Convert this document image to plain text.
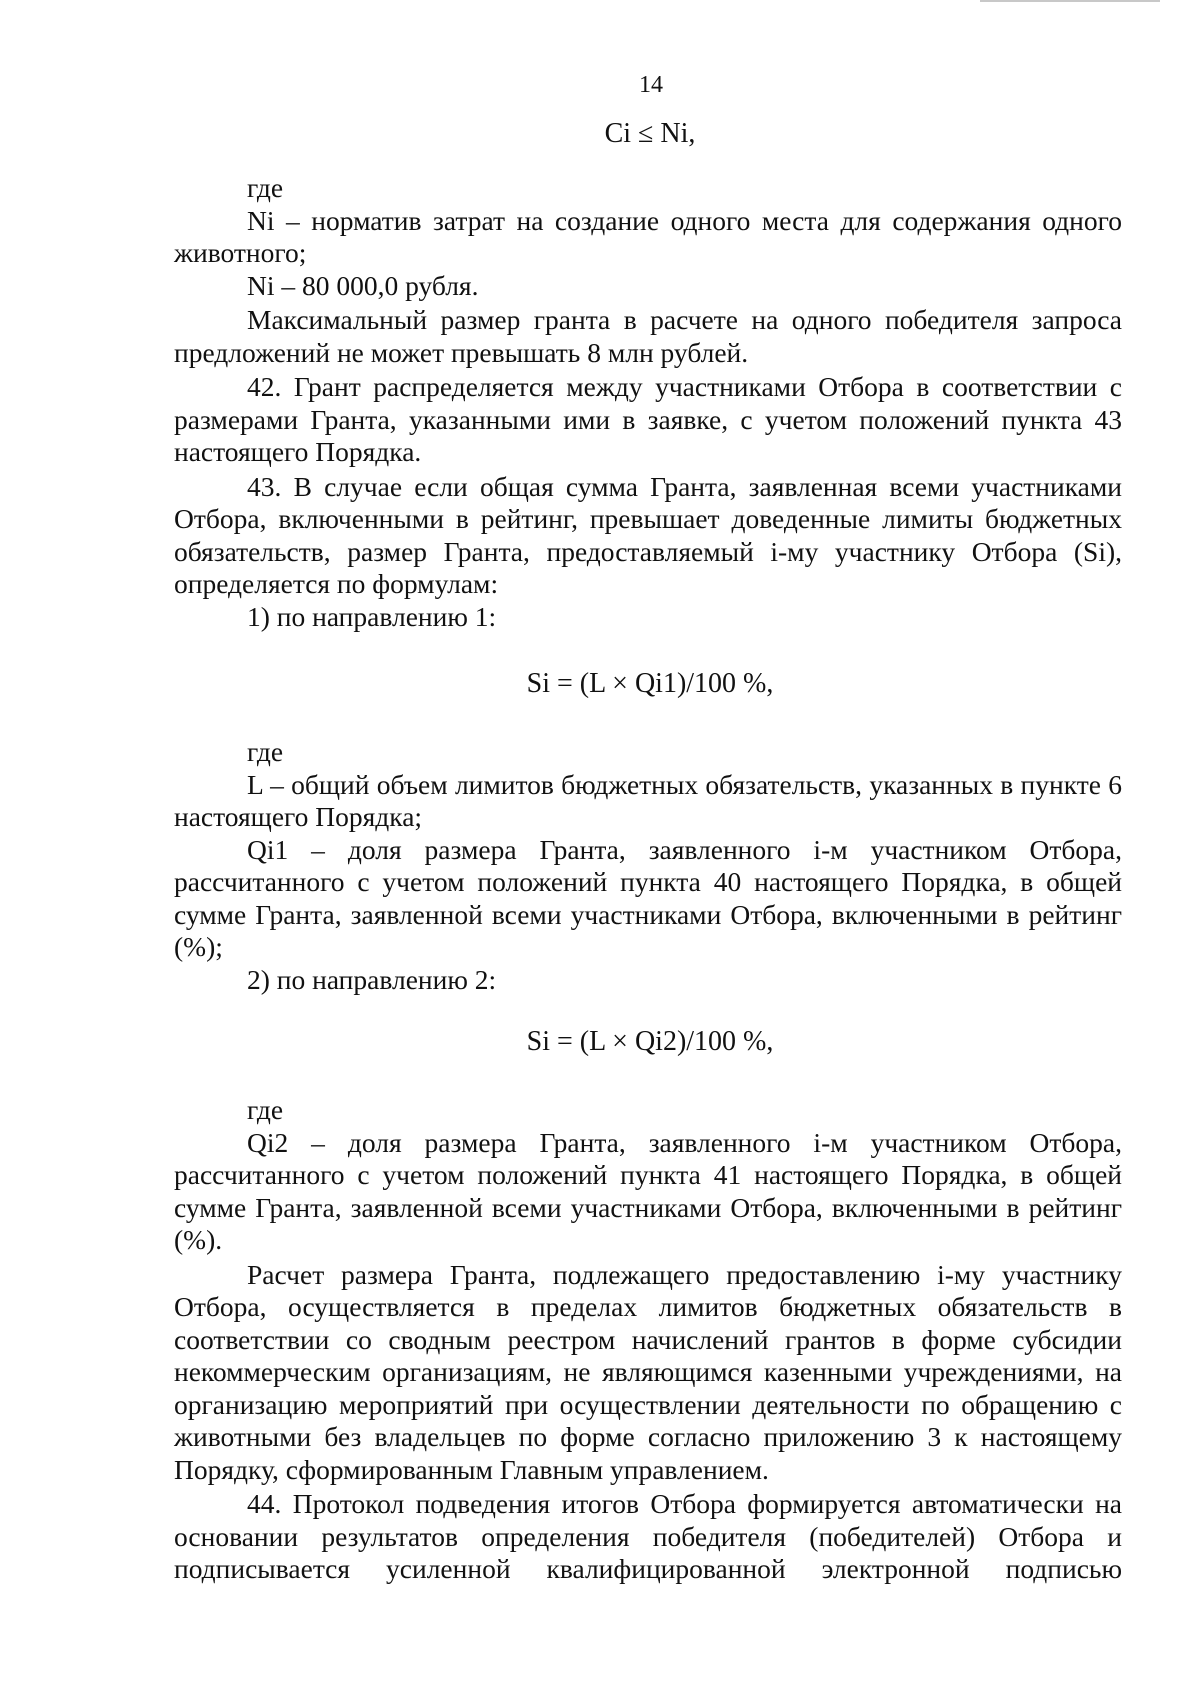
14
Ci ≤ Ni,

где

Ni – норматив затрат на создание одного места для содержания одного животного;

Ni – 80 000,0 рубля.

Максимальный размер гранта в расчете на одного победителя запроса предложений не может превышать 8 млн рублей.

42. Грант распределяется между участниками Отбора в соответствии с размерами Гранта, указанными ими в заявке, с учетом положений пункта 43 настоящего Порядка.

43. В случае если общая сумма Гранта, заявленная всеми участниками Отбора, включенными в рейтинг, превышает доведенные лимиты бюджетных обязательств, размер Гранта, предоставляемый i-му участнику Отбора (Si), определяется по формулам:

1) по направлению 1:

Si = (L × Qi1)/100 %,

где

L – общий объем лимитов бюджетных обязательств, указанных в пункте 6 настоящего Порядка;

Qi1 – доля размера Гранта, заявленного i-м участником Отбора, рассчитанного с учетом положений пункта 40 настоящего Порядка, в общей сумме Гранта, заявленной всеми участниками Отбора, включенными в рейтинг (%);

2) по направлению 2:

Si = (L × Qi2)/100 %,

где

Qi2 – доля размера Гранта, заявленного i-м участником Отбора, рассчитанного с учетом положений пункта 41 настоящего Порядка, в общей сумме Гранта, заявленной всеми участниками Отбора, включенными в рейтинг (%).

Расчет размера Гранта, подлежащего предоставлению i-му участнику Отбора, осуществляется в пределах лимитов бюджетных обязательств в соответствии со сводным реестром начислений грантов в форме субсидии некоммерческим организациям, не являющимся казенными учреждениями, на организацию мероприятий при осуществлении деятельности по обращению с животными без владельцев по форме согласно приложению 3 к настоящему Порядку, сформированным Главным управлением.

44. Протокол подведения итогов Отбора формируется автоматически на основании результатов определения победителя (победителей) Отбора и подписывается усиленной квалифицированной электронной подписью
